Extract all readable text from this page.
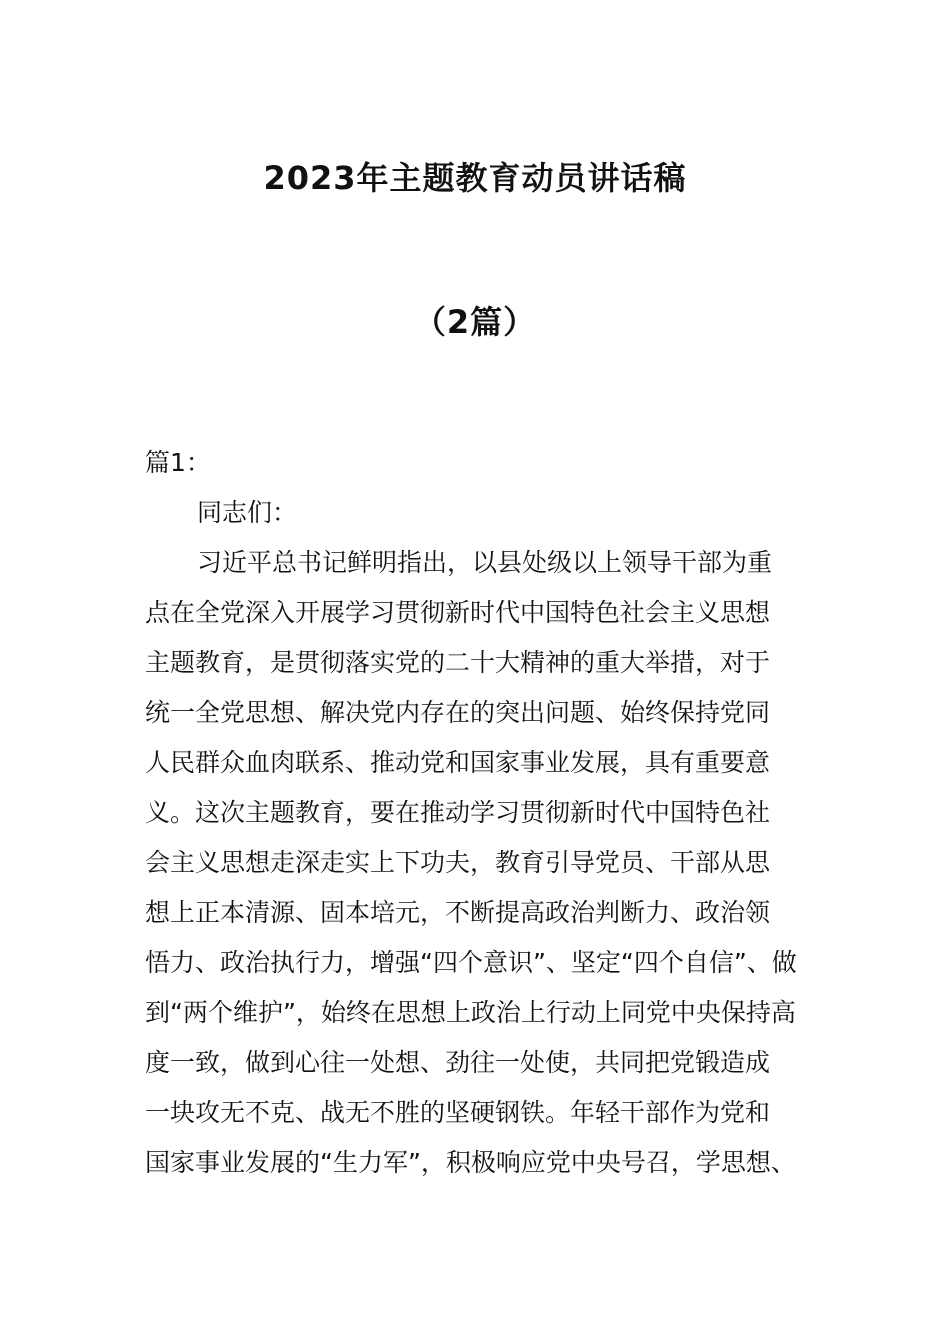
2023年主题教育动员讲话稿
（2篇）
篇1：
同志们：
习近平总书记鲜明指出，以县处级以上领导干部为重
点在全党深入开展学习贯彻新时代中国特色社会主义思想
主题教育，是贯彻落实党的二十大精神的重大举措，对于
统一全党思想、解决党内存在的突出问题、始终保持党同
人民群众血肉联系、推动党和国家事业发展，具有重要意
义。这次主题教育，要在推动学习贯彻新时代中国特色社
会主义思想走深走实上下功夫，教育引导党员、干部从思
想上正本清源、固本培元，不断提高政治判断力、政治领
悟力、政治执行力，增强“四个意识”、坚定“四个自信”、做
到“两个维护”，始终在思想上政治上行动上同党中央保持高
度一致，做到心往一处想、劲往一处使，共同把党锻造成
一块攻无不克、战无不胜的坚硬钢铁。年轻干部作为党和
国家事业发展的“生力军”，积极响应党中央号召，学思想、
